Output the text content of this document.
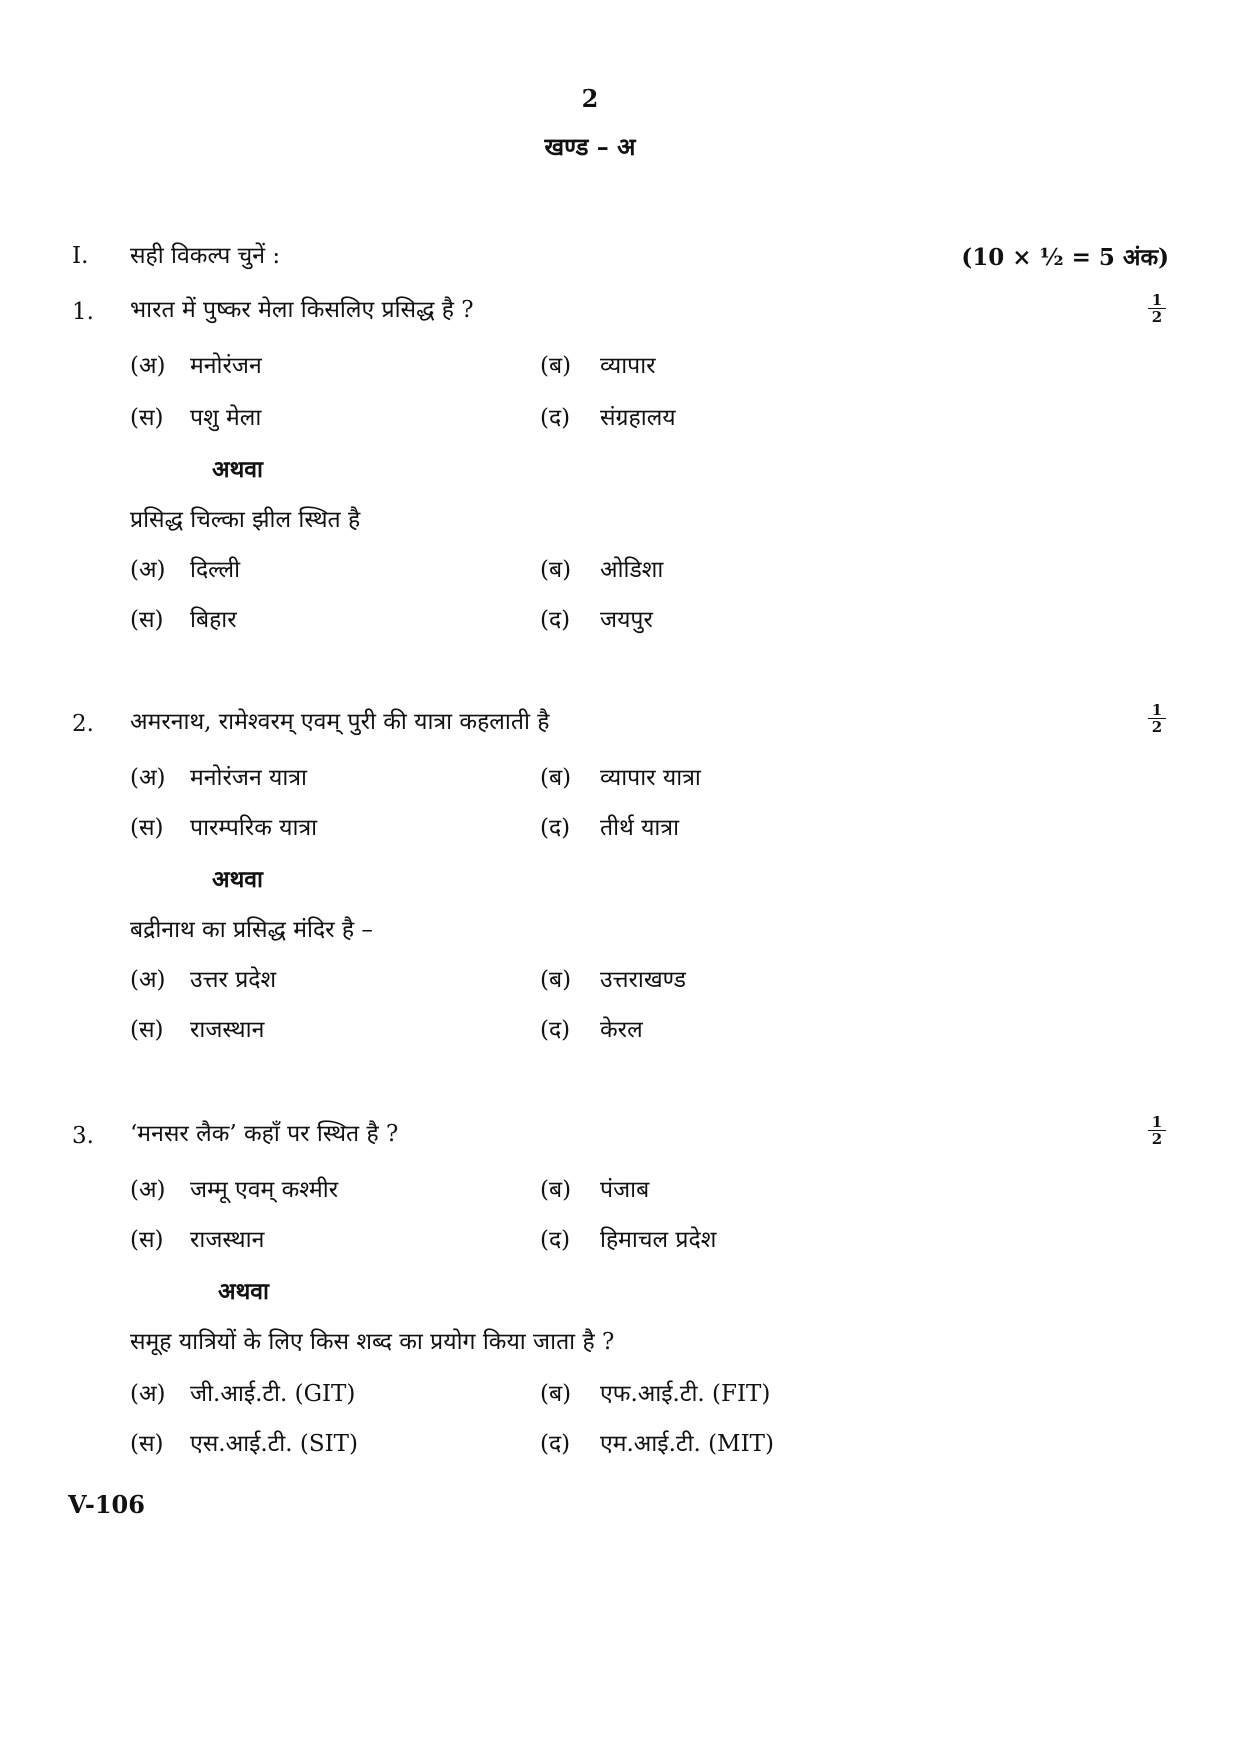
2
खण्ड – अ
I. सही विकल्प चुनें :	(10 × ½ = 5 अंक)
1. भारत में पुष्कर मेला किसलिए प्रसिद्ध है ?	1
2
(अ) मनोरंजन	(ब) व्यापार
(स) पशु मेला	(द) संग्रहालय
अथवा
प्रसिद्ध चिल्का झील स्थित है
(अ) दिल्ली	(ब) ओडिशा
(स) बिहार	(द) जयपुर
2. अमरनाथ, रामेश्वरम् एवम् पुरी की यात्रा कहलाती है	1
2
(अ) मनोरंजन यात्रा	(ब) व्यापार यात्रा
(स) पारम्परिक यात्रा	(द) तीर्थ यात्रा
अथवा
बद्रीनाथ का प्रसिद्ध मंदिर है –
(अ) उत्तर प्रदेश	(ब) उत्तराखण्ड
(स) राजस्थान	(द) केरल
3. ‘मनसर लैक’ कहाँ पर स्थित है ?	1
2
(अ) जम्मू एवम् कश्मीर	(ब) पंजाब
(स) राजस्थान	(द) हिमाचल प्रदेश
अथवा
समूह यात्रियों के लिए किस शब्द का प्रयोग किया जाता है ?
(अ) जी.आई.टी. (GIT)	(ब) एफ.आई.टी. (FIT)
(स) एस.आई.टी. (SIT)	(द) एम.आई.टी. (MIT)
V-106
